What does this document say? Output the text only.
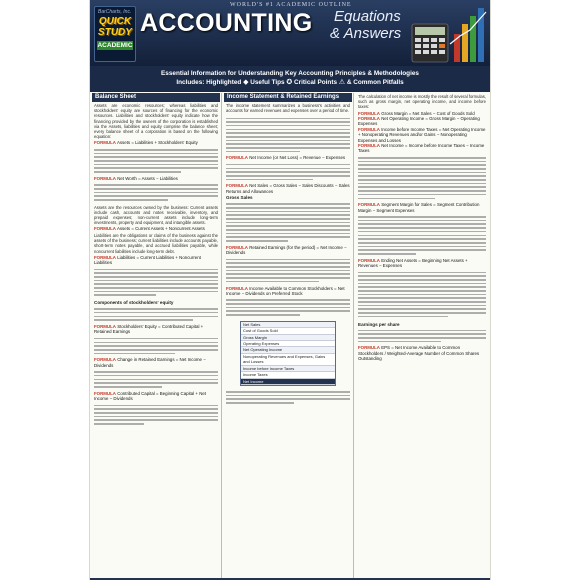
WORLD'S #1 ACADEMIC OUTLINE
BarCharts, Inc.
QUICK
STUDY
ACADEMIC
ACCOUNTING Equations
& Answers
Essential Information for Understanding Key Accounting Principles & Methodologies
Includes: Highlighted ◆ Useful Tips ✪ Critical Points ⚠ & Common Pitfalls
Balance Sheet
Assets are economic resources; whereas liabilities and stockholders' equity are sources of financing for the economic resources. Liabilities and stockholders' equity indicate how the financing provided by the owners of the corporation is established via the Assets, liabilities and equity comprise the balance sheet; every balance sheet of a corporation is based on the following equation:
FORMULA Assets = Liabilities + Stockholders' Equity
FORMULA Net Worth = Assets − Liabilities
Assets are the resources owned by the business: Current assets include cash, accounts and notes receivable, inventory, and prepaid expenses; non-current assets include long-term investments, property and equipment, and intangible assets.
FORMULA Assets = Current Assets + Noncurrent Assets
Liabilities are the obligations or claims of the business against the assets of the business; current liabilities include accounts payable, short-term notes payable, and accrued liabilities payable, while noncurrent liabilities include long-term debt.
FORMULA Liabilities = Current Liabilities + Noncurrent Liabilities
Components of stockholders' equity
FORMULA Stockholders' Equity = Contributed Capital + Retained Earnings
FORMULA Change in Retained Earnings = Net Income − Dividends
FORMULA Contributed Capital = Beginning Capital + Net Income − Dividends
Income Statement & Retained Earnings
The income statement summarizes a business's activities and accounts for earned revenues and expenses over a period of time.
FORMULA Net Income (or Net Loss) = Revenue − Expenses
FORMULA Net Sales = Gross Sales − Sales Discounts − Sales Returns and Allowances
Gross Sales
FORMULA Retained Earnings (for the period) = Net Income − Dividends
FORMULA Income Available to Common Stockholders = Net Income − Dividends on Preferred Stock
Net Sales
Cost of Goods Sold
Gross Margin
Operating Expenses
Net Operating Income
Nonoperating Revenues and Expenses, Gains and Losses
Income before Income Taxes
Income Taxes
Net Income
The calculation of net income is mostly the result of several formulas, such as gross margin, net operating income, and income before taxes:
FORMULA Gross Margin = Net Sales − Cost of Goods Sold
FORMULA Net Operating Income = Gross Margin − Operating Expenses
FORMULA Income before Income Taxes = Net Operating Income + Nonoperating Revenues and/or Gains − Nonoperating Expenses and Losses
FORMULA Net Income = Income before Income Taxes − Income Taxes
FORMULA Segment Margin for Sales = Segment Contribution Margin − Segment Expenses
FORMULA Ending Net Assets = Beginning Net Assets + Revenues − Expenses
Earnings per share
FORMULA EPS = Net Income Available to Common Stockholders / Weighted-Average Number of Common Shares Outstanding
